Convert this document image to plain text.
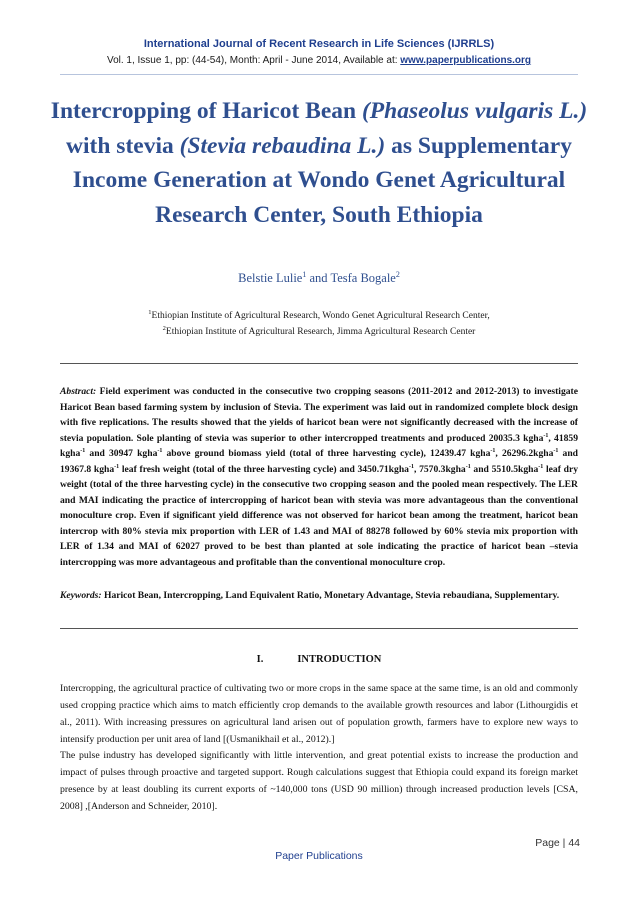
International Journal of Recent Research in Life Sciences (IJRRLS)
Vol. 1, Issue 1, pp: (44-54), Month: April - June 2014, Available at: www.paperpublications.org
Intercropping of Haricot Bean (Phaseolus vulgaris L.) with stevia (Stevia rebaudina L.) as Supplementary Income Generation at Wondo Genet Agricultural Research Center, South Ethiopia
Belstie Lulie$^1$ and Tesfa Bogale$^2$
$^1$Ethiopian Institute of Agricultural Research, Wondo Genet Agricultural Research Center,
$^2$Ethiopian Institute of Agricultural Research, Jimma Agricultural Research Center
Abstract: Field experiment was conducted in the consecutive two cropping seasons (2011-2012 and 2012-2013) to investigate Haricot Bean based farming system by inclusion of Stevia. The experiment was laid out in randomized complete block design with five replications. The results showed that the yields of haricot bean were not significantly decreased with the increase of stevia population. Sole planting of stevia was superior to other intercropped treatments and produced 20035.3 kgha$^{-1}$, 41859 kgha$^{-1}$ and 30947 kgha$^{-1}$ above ground biomass yield (total of three harvesting cycle), 12439.47 kgha$^{-1}$, 26296.2kgha$^{-1}$ and 19367.8 kgha$^{-1}$ leaf fresh weight (total of the three harvesting cycle) and 3450.71kgha$^{-1}$, 7570.3kgha$^{-1}$ and 5510.5kgha$^{-1}$ leaf dry weight (total of the three harvesting cycle) in the consecutive two cropping season and the pooled mean respectively. The LER and MAI indicating the practice of intercropping of haricot bean with stevia was more advantageous than the conventional monoculture crop. Even if significant yield difference was not observed for haricot bean among the treatment, haricot bean intercrop with 80% stevia mix proportion with LER of 1.43 and MAI of 88278 followed by 60% stevia mix proportion with LER of 1.34 and MAI of 62027 proved to be best than planted at sole indicating the practice of haricot bean –stevia intercropping was more advantageous and profitable than the conventional monoculture crop.
Keywords: Haricot Bean, Intercropping, Land Equivalent Ratio, Monetary Advantage, Stevia rebaudiana, Supplementary.
I.	INTRODUCTION
Intercropping, the agricultural practice of cultivating two or more crops in the same space at the same time, is an old and commonly used cropping practice which aims to match efficiently crop demands to the available growth resources and labor (Lithourgidis et al., 2011). With increasing pressures on agricultural land arisen out of population growth, farmers have to explore new ways to intensify production per unit area of land [(Usmanikhail et al., 2012).]
The pulse industry has developed significantly with little intervention, and great potential exists to increase the production and impact of pulses through proactive and targeted support. Rough calculations suggest that Ethiopia could expand its foreign market presence by at least doubling its current exports of ~140,000 tons (USD 90 million) through increased production levels [CSA, 2008] ,[Anderson and Schneider, 2010].
Page | 44
Paper Publications
